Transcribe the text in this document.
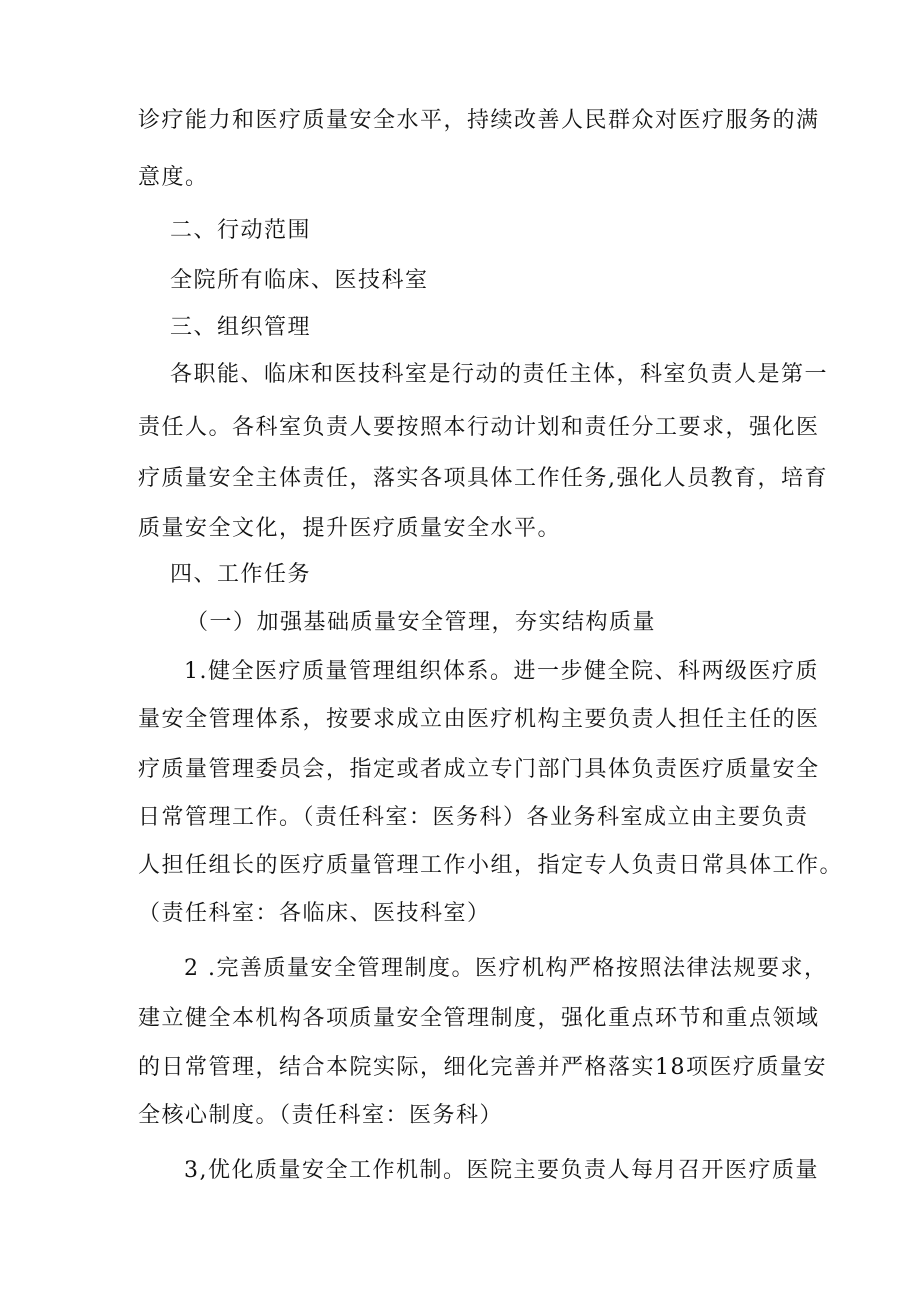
诊疗能力和医疗质量安全水平，持续改善人民群众对医疗服务的满
意度。
二、行动范围
全院所有临床、医技科室
三、组织管理
各职能、临床和医技科室是行动的责任主体，科室负责人是第一
责任人。各科室负责人要按照本行动计划和责任分工要求，强化医
疗质量安全主体责任，落实各项具体工作任务,强化人员教育，培育
质量安全文化，提升医疗质量安全水平。
四、工作任务
（一）加强基础质量安全管理，夯实结构质量
1.健全医疗质量管理组织体系。进一步健全院、科两级医疗质
量安全管理体系，按要求成立由医疗机构主要负责人担任主任的医
疗质量管理委员会，指定或者成立专门部门具体负责医疗质量安全
日常管理工作。（责任科室：医务科）各业务科室成立由主要负责
人担任组长的医疗质量管理工作小组，指定专人负责日常具体工作。
（责任科室：各临床、医技科室）
2 .完善质量安全管理制度。医疗机构严格按照法律法规要求，
建立健全本机构各项质量安全管理制度，强化重点环节和重点领域
的日常管理，结合本院实际，细化完善并严格落实18项医疗质量安
全核心制度。（责任科室：医务科）
3,优化质量安全工作机制。医院主要负责人每月召开医疗质量
